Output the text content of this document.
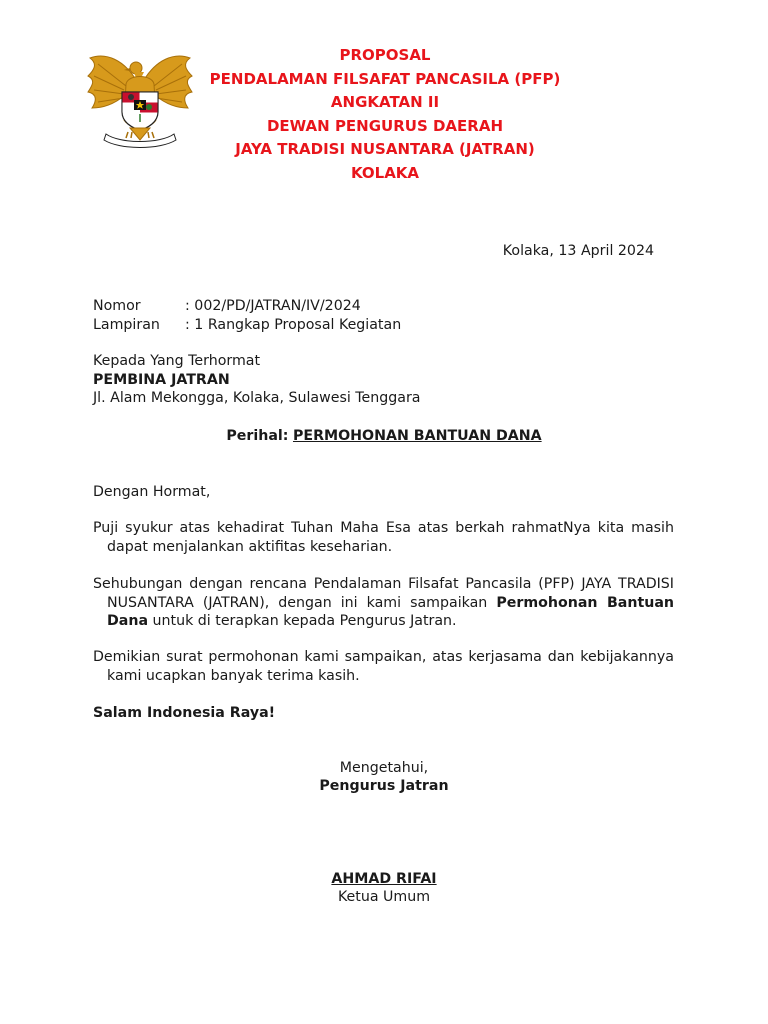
PROPOSAL
PENDALAMAN FILSAFAT PANCASILA (PFP)
ANGKATAN II
DEWAN PENGURUS DAERAH
JAYA TRADISI NUSANTARA (JATRAN)
KOLAKA
Kolaka, 13 April 2024
Nomor	: 002/PD/JATRAN/IV/2024
Lampiran	: 1 Rangkap Proposal Kegiatan
Kepada Yang Terhormat
PEMBINA JATRAN
Jl. Alam Mekongga, Kolaka, Sulawesi Tenggara
Perihal: PERMOHONAN BANTUAN DANA
Dengan Hormat,
Puji syukur atas kehadirat Tuhan Maha Esa atas berkah rahmatNya kita masih dapat menjalankan aktifitas keseharian.
Sehubungan dengan rencana Pendalaman Filsafat Pancasila (PFP) JAYA TRADISI NUSANTARA (JATRAN), dengan ini kami sampaikan Permohonan Bantuan Dana untuk di terapkan kepada Pengurus Jatran.
Demikian surat permohonan kami sampaikan, atas kerjasama dan kebijakannya kami ucapkan banyak terima kasih.
Salam Indonesia Raya!
Mengetahui,
Pengurus Jatran
AHMAD RIFAI
Ketua Umum
